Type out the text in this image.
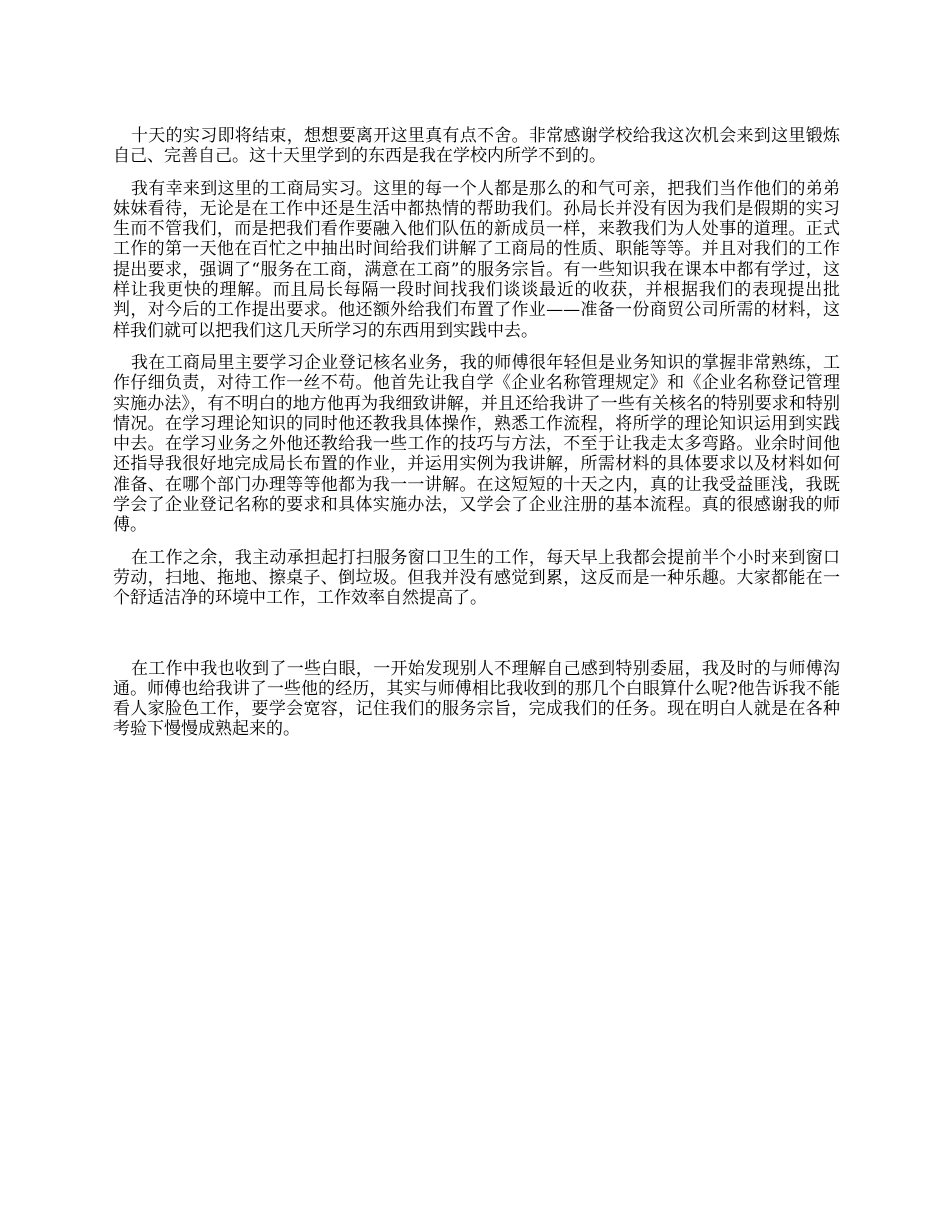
十天的实习即将结束，想想要离开这里真有点不舍。非常感谢学校给我这次机会来到这里锻炼自己、完善自己。这十天里学到的东西是我在学校内所学不到的。

我有幸来到这里的工商局实习。这里的每一个人都是那么的和气可亲，把我们当作他们的弟弟妹妹看待，无论是在工作中还是生活中都热情的帮助我们。孙局长并没有因为我们是假期的实习生而不管我们，而是把我们看作要融入他们队伍的新成员一样，来教我们为人处事的道理。正式工作的第一天他在百忙之中抽出时间给我们讲解了工商局的性质、职能等等。并且对我们的工作提出要求，强调了“服务在工商，满意在工商”的服务宗旨。有一些知识我在课本中都有学过，这样让我更快的理解。而且局长每隔一段时间找我们谈谈最近的收获，并根据我们的表现提出批判，对今后的工作提出要求。他还额外给我们布置了作业——准备一份商贸公司所需的材料，这样我们就可以把我们这几天所学习的东西用到实践中去。

我在工商局里主要学习企业登记核名业务，我的师傅很年轻但是业务知识的掌握非常熟练，工作仔细负责，对待工作一丝不苟。他首先让我自学《企业名称管理规定》和《企业名称登记管理实施办法》，有不明白的地方他再为我细致讲解，并且还给我讲了一些有关核名的特别要求和特别情况。在学习理论知识的同时他还教我具体操作，熟悉工作流程，将所学的理论知识运用到实践中去。在学习业务之外他还教给我一些工作的技巧与方法，不至于让我走太多弯路。业余时间他还指导我很好地完成局长布置的作业，并运用实例为我讲解，所需材料的具体要求以及材料如何准备、在哪个部门办理等等他都为我一一讲解。在这短短的十天之内，真的让我受益匪浅，我既学会了企业登记名称的要求和具体实施办法，又学会了企业注册的基本流程。真的很感谢我的师傅。

在工作之余，我主动承担起打扫服务窗口卫生的工作，每天早上我都会提前半个小时来到窗口劳动，扫地、拖地、擦桌子、倒垃圾。但我并没有感觉到累，这反而是一种乐趣。大家都能在一个舒适洁净的环境中工作，工作效率自然提高了。

在工作中我也收到了一些白眼，一开始发现别人不理解自己感到特别委屈，我及时的与师傅沟通。师傅也给我讲了一些他的经历，其实与师傅相比我收到的那几个白眼算什么呢?他告诉我不能看人家脸色工作，要学会宽容，记住我们的服务宗旨，完成我们的任务。现在明白人就是在各种考验下慢慢成熟起来的。
